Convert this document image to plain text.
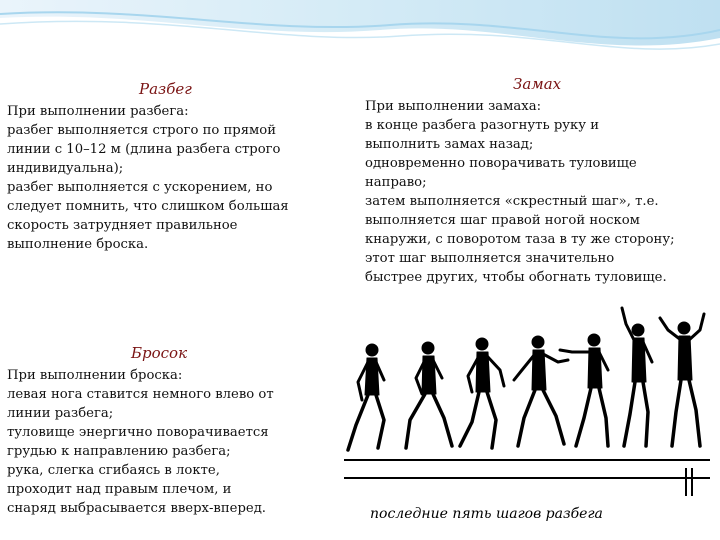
Разбег
При выполнении разбега:
разбег выполняется строго по прямой
линии с 10–12 м (длина разбега строго
индивидуальна);
разбег выполняется с ускорением, но
следует помнить, что слишком большая
скорость затрудняет правильное
выполнение броска.
Бросок
При выполнении броска:
левая нога ставится немного влево от
линии разбега;
туловище энергично поворачивается
грудью к направлению разбега;
рука, слегка сгибаясь в локте,
проходит над правым плечом, и
снаряд выбрасывается вверх-вперед.
Замах
При выполнении замаха:
в конце разбега разогнуть руку и
выполнить замах назад;
одновременно поворачивать туловище
направо;
затем выполняется «скрестный шаг», т.е.
выполняется шаг правой ногой носком
кнаружи, с поворотом таза в ту же сторону;
этот шаг выполняется значительно
быстрее других, чтобы обогнать туловище.
последние пять шагов разбега
